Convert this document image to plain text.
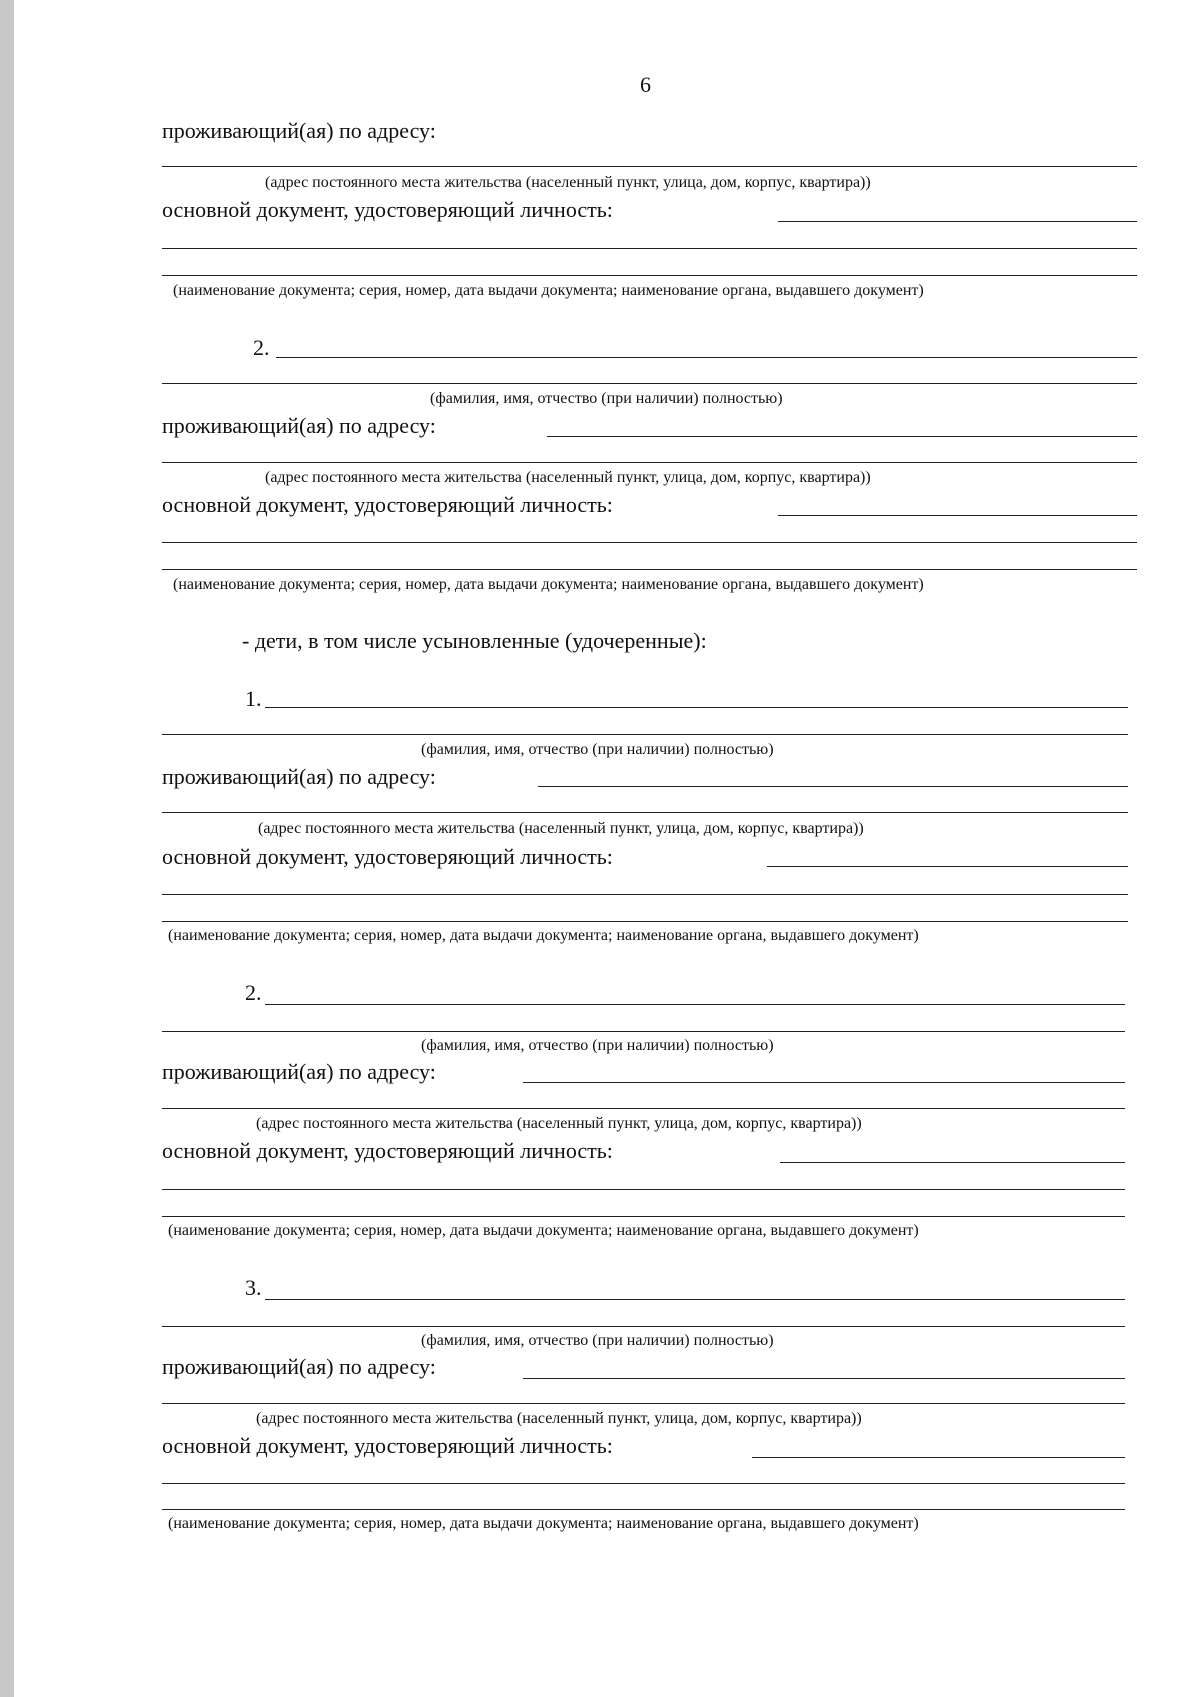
6
проживающий(ая) по адресу:
(адрес постоянного места жительства (населенный пункт, улица, дом, корпус, квартира))
основной документ, удостоверяющий личность:
(наименование документа; серия, номер, дата выдачи документа; наименование органа, выдавшего документ)
2.
(фамилия, имя, отчество (при наличии) полностью)
проживающий(ая) по адресу:
(адрес постоянного места жительства (населенный пункт, улица, дом, корпус, квартира))
основной документ, удостоверяющий личность:
(наименование документа; серия, номер, дата выдачи документа; наименование органа, выдавшего документ)
- дети, в том числе усыновленные (удочеренные):
1.
(фамилия, имя, отчество (при наличии) полностью)
проживающий(ая) по адресу:
(адрес постоянного места жительства (населенный пункт, улица, дом, корпус, квартира))
основной документ, удостоверяющий личность:
(наименование документа; серия, номер, дата выдачи документа; наименование органа, выдавшего документ)
2.
(фамилия, имя, отчество (при наличии) полностью)
проживающий(ая) по адресу:
(адрес постоянного места жительства (населенный пункт, улица, дом, корпус, квартира))
основной документ, удостоверяющий личность:
(наименование документа; серия, номер, дата выдачи документа; наименование органа, выдавшего документ)
3.
(фамилия, имя, отчество (при наличии) полностью)
проживающий(ая) по адресу:
(адрес постоянного места жительства (населенный пункт, улица, дом, корпус, квартира))
основной документ, удостоверяющий личность:
(наименование документа; серия, номер, дата выдачи документа; наименование органа, выдавшего документ)
